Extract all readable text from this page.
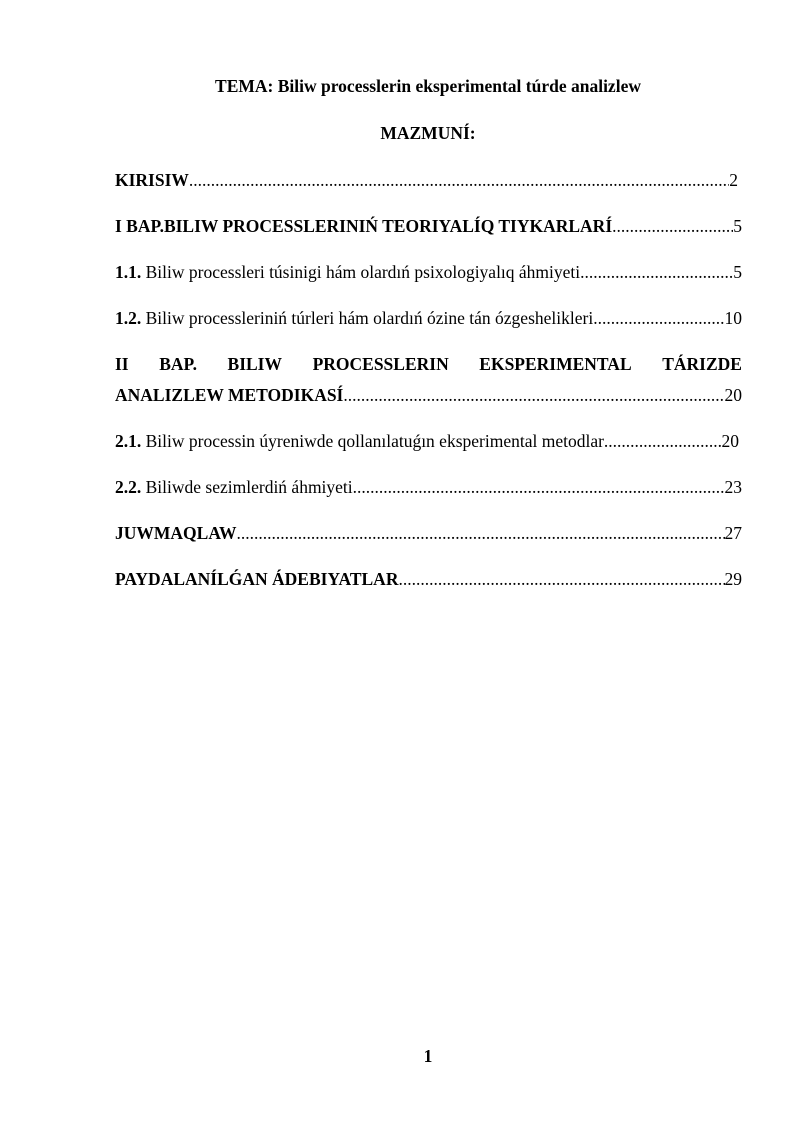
TEMA: Biliw processlerin eksperimental túrde analizlew
MAZMUNÍ:
KIRISIW .....	2
I BAP.BILIW PROCESSLERINIŃ TEORIYALÍQ TIYKARLARÍ .....	5
1.1. Biliw processleri túsinigi hám olardıń psixologiyalıq áhmiyeti .....	5
1.2. Biliw processleriniń túrleri hám olardıń ózine tán ózgeshelikleri .....	10
II BAP. BILIW PROCESSLERIN EKSPERIMENTAL TÁRIZDE
ANALIZLEW METODIKASÍ .....	20
2.1. Biliw processin úyreniwde qollanılatuǵın eksperimental metodlar .....	20
2.2. Biliwde sezimlerdiń áhmiyeti .....	23
JUWMAQLAW .....	27
PAYDALANÍLǴAN ÁDEBIYATLAR .....	29
1
